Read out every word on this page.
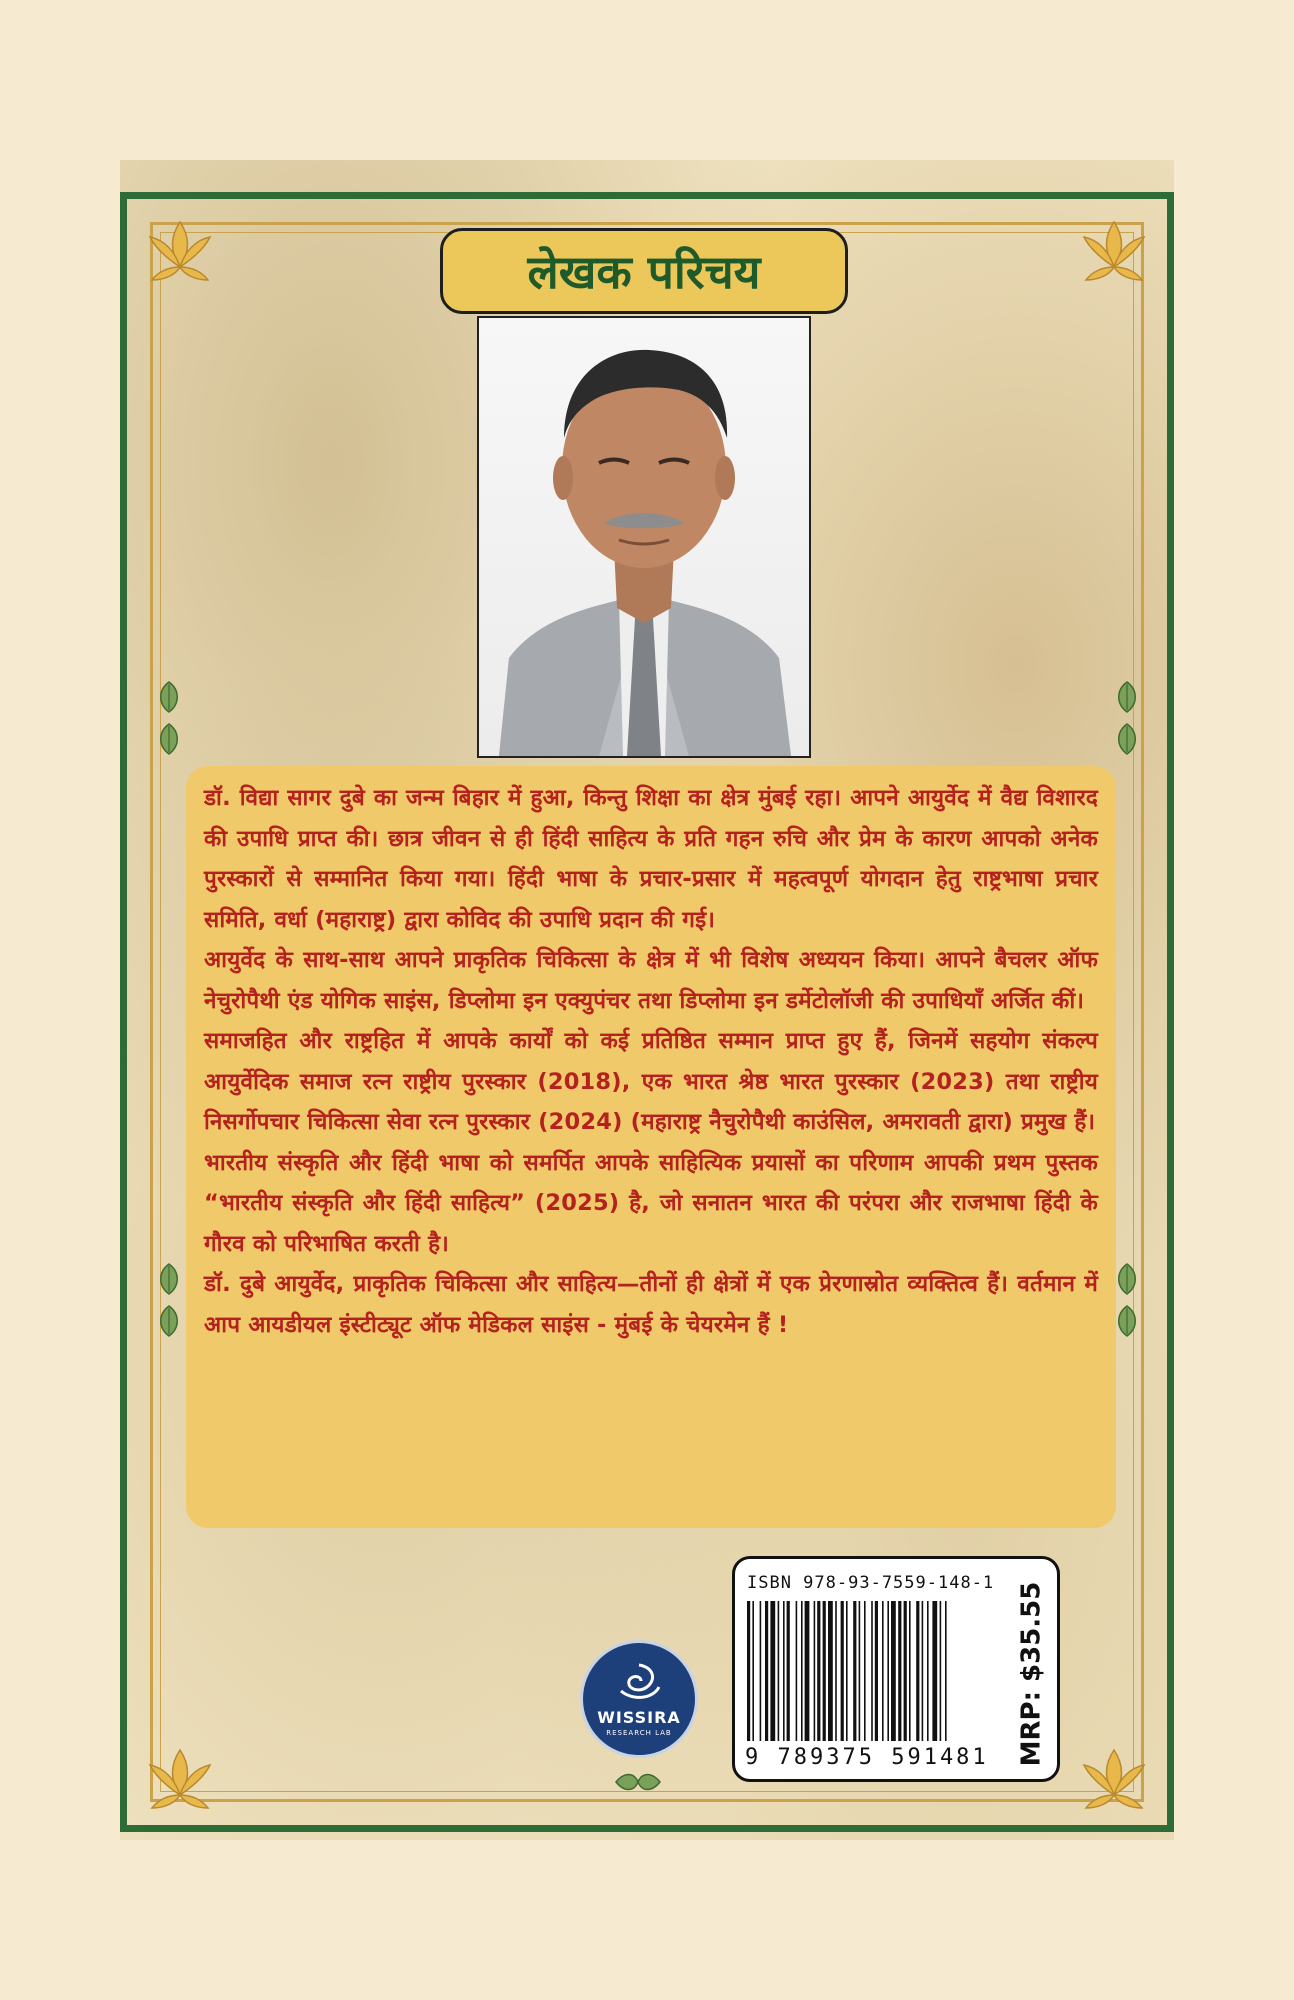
लेखक परिचय

डॉ. विद्या सागर दुबे का जन्म बिहार में हुआ, किन्तु शिक्षा का क्षेत्र मुंबई रहा। आपने आयुर्वेद में वैद्य विशारद की उपाधि प्राप्त की। छात्र जीवन से ही हिंदी साहित्य के प्रति गहन रुचि और प्रेम के कारण आपको अनेक पुरस्कारों से सम्मानित किया गया। हिंदी भाषा के प्रचार-प्रसार में महत्वपूर्ण योगदान हेतु राष्ट्रभाषा प्रचार समिति, वर्धा (महाराष्ट्र) द्वारा कोविद की उपाधि प्रदान की गई।

आयुर्वेद के साथ-साथ आपने प्राकृतिक चिकित्सा के क्षेत्र में भी विशेष अध्ययन किया। आपने बैचलर ऑफ नेचुरोपैथी एंड योगिक साइंस, डिप्लोमा इन एक्युपंचर तथा डिप्लोमा इन डर्मेटोलॉजी की उपाधियाँ अर्जित कीं।

समाजहित और राष्ट्रहित में आपके कार्यों को कई प्रतिष्ठित सम्मान प्राप्त हुए हैं, जिनमें सहयोग संकल्प आयुर्वेदिक समाज रत्न राष्ट्रीय पुरस्कार (2018), एक भारत श्रेष्ठ भारत पुरस्कार (2023) तथा राष्ट्रीय निसर्गोपचार चिकित्सा सेवा रत्न पुरस्कार (2024) (महाराष्ट्र नैचुरोपैथी काउंसिल, अमरावती द्वारा) प्रमुख हैं।

भारतीय संस्कृति और हिंदी भाषा को समर्पित आपके साहित्यिक प्रयासों का परिणाम आपकी प्रथम पुस्तक “भारतीय संस्कृति और हिंदी साहित्य” (2025) है, जो सनातन भारत की परंपरा और राजभाषा हिंदी के गौरव को परिभाषित करती है।

डॉ. दुबे आयुर्वेद, प्राकृतिक चिकित्सा और साहित्य—तीनों ही क्षेत्रों में एक प्रेरणास्रोत व्यक्तित्व हैं। वर्तमान में आप आयडीयल इंस्टीट्यूट ऑफ मेडिकल साइंस - मुंबई के चेयरमेन हैं !

WISSIRA
RESEARCH LAB
ISBN 978-93-7559-148-1
9 789375 591481 MRP: $35.55
